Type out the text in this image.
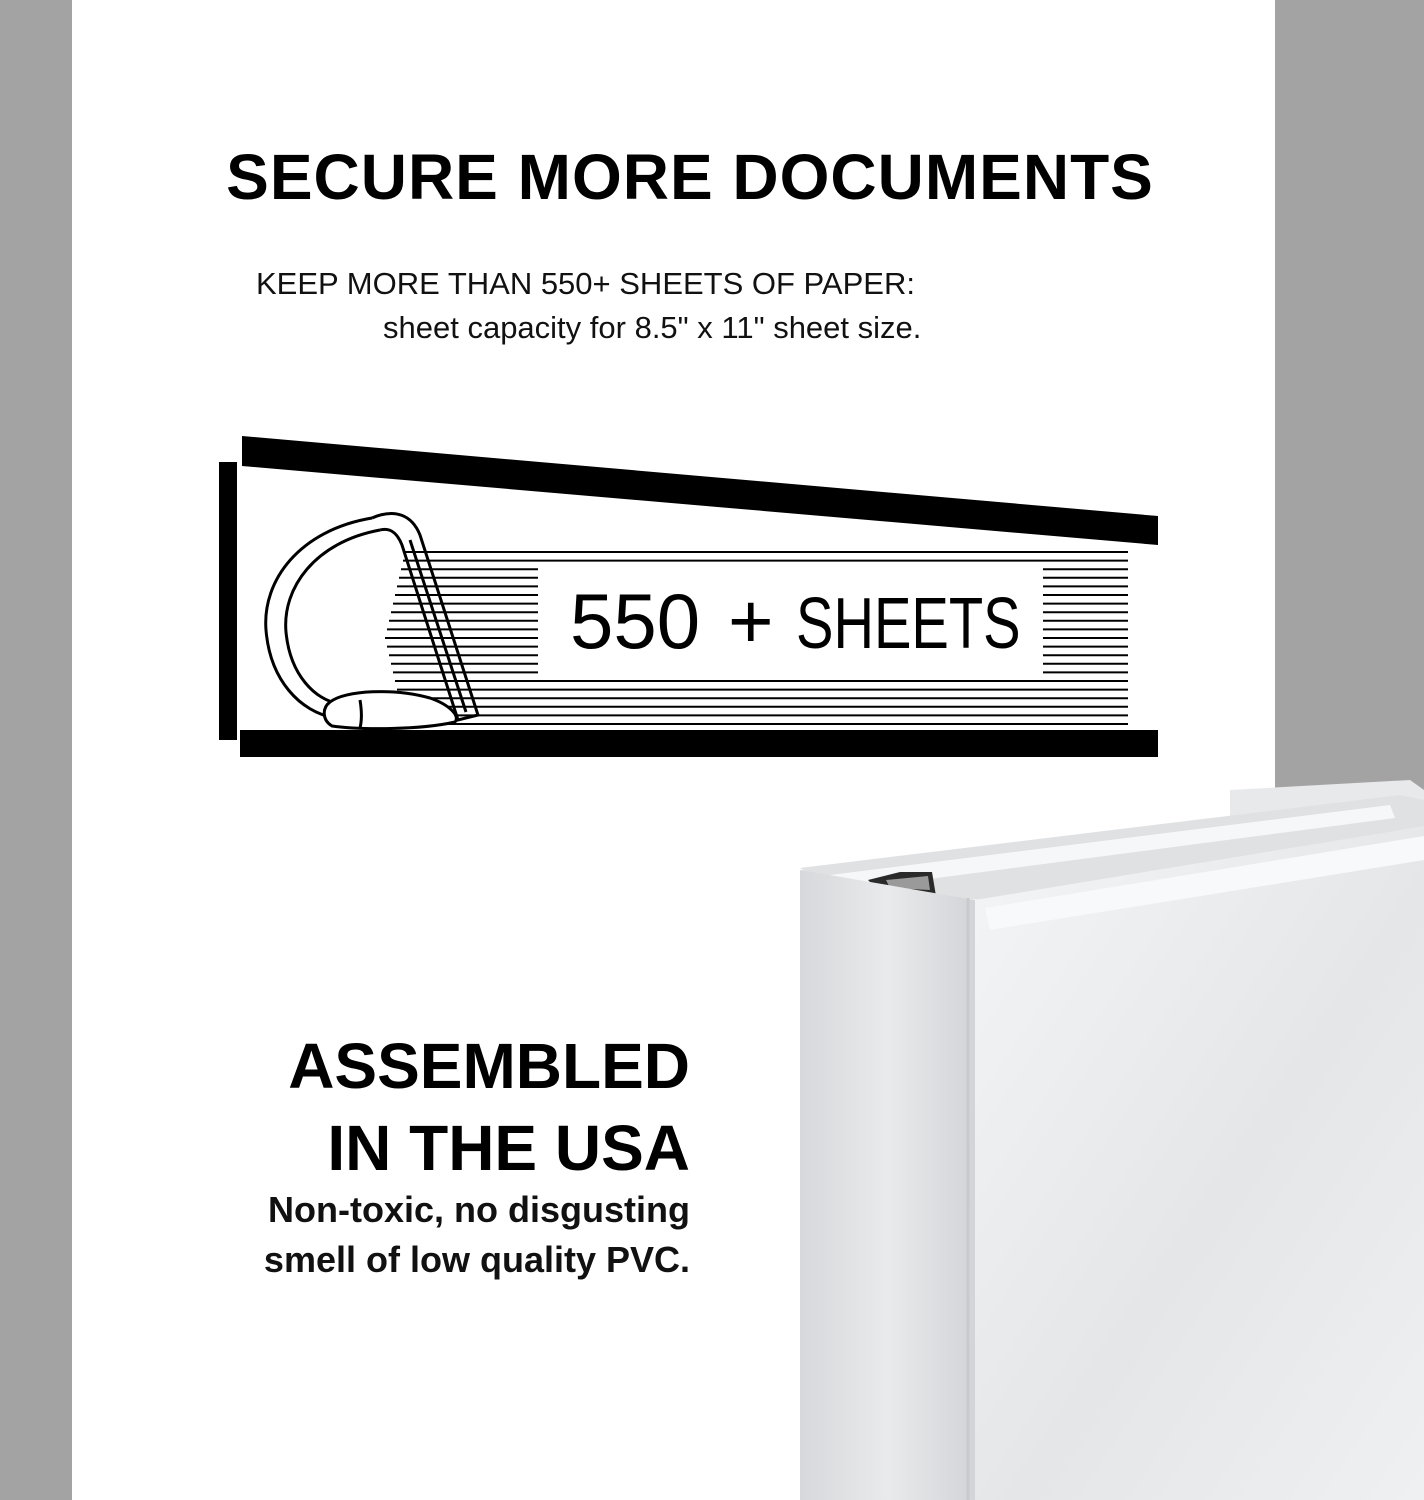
SECURE MORE DOCUMENTS
KEEP MORE THAN 550+ SHEETS OF PAPER:
sheet capacity for 8.5" x 11" sheet size.
550 + SHEETS
ASSEMBLED
IN THE USA
Non-toxic, no disgusting
smell of low quality PVC.
